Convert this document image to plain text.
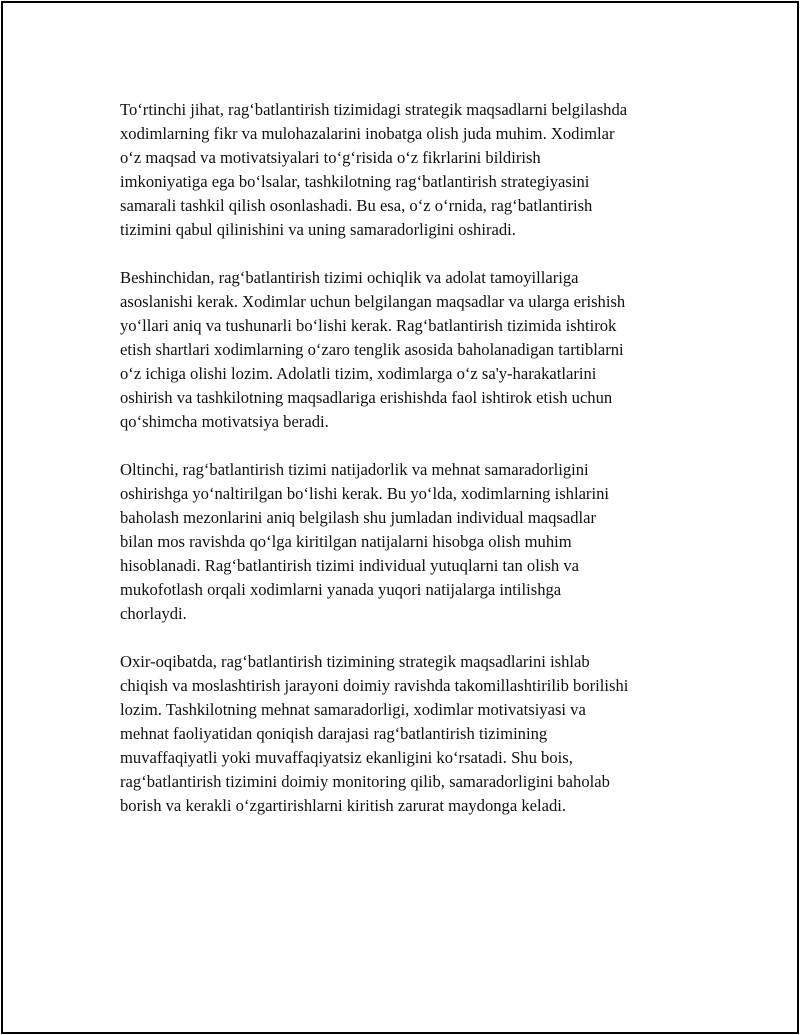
To‘rtinchi jihat, rag‘batlantirish tizimidagi strategik maqsadlarni belgilashda
xodimlarning fikr va mulohazalarini inobatga olish juda muhim. Xodimlar
o‘z maqsad va motivatsiyalari to‘g‘risida o‘z fikrlarini bildirish
imkoniyatiga ega bo‘lsalar, tashkilotning rag‘batlantirish strategiyasini
samarali tashkil qilish osonlashadi. Bu esa, o‘z o‘rnida, rag‘batlantirish
tizimini qabul qilinishini va uning samaradorligini oshiradi.

Beshinchidan, rag‘batlantirish tizimi ochiqlik va adolat tamoyillariga
asoslanishi kerak. Xodimlar uchun belgilangan maqsadlar va ularga erishish
yo‘llari aniq va tushunarli bo‘lishi kerak. Rag‘batlantirish tizimida ishtirok
etish shartlari xodimlarning o‘zaro tenglik asosida baholanadigan tartiblarni
o‘z ichiga olishi lozim. Adolatli tizim, xodimlarga o‘z sa'y-harakatlarini
oshirish va tashkilotning maqsadlariga erishishda faol ishtirok etish uchun
qo‘shimcha motivatsiya beradi.

Oltinchi, rag‘batlantirish tizimi natijadorlik va mehnat samaradorligini
oshirishga yo‘naltirilgan bo‘lishi kerak. Bu yo‘lda, xodimlarning ishlarini
baholash mezonlarini aniq belgilash shu jumladan individual maqsadlar
bilan mos ravishda qo‘lga kiritilgan natijalarni hisobga olish muhim
hisoblanadi. Rag‘batlantirish tizimi individual yutuqlarni tan olish va
mukofotlash orqali xodimlarni yanada yuqori natijalarga intilishga
chorlaydi.

Oxir-oqibatda, rag‘batlantirish tizimining strategik maqsadlarini ishlab
chiqish va moslashtirish jarayoni doimiy ravishda takomillashtirilib borilishi
lozim. Tashkilotning mehnat samaradorligi, xodimlar motivatsiyasi va
mehnat faoliyatidan qoniqish darajasi rag‘batlantirish tizimining
muvaffaqiyatli yoki muvaffaqiyatsiz ekanligini ko‘rsatadi. Shu bois,
rag‘batlantirish tizimini doimiy monitoring qilib, samaradorligini baholab
borish va kerakli o‘zgartirishlarni kiritish zarurat maydonga keladi.
